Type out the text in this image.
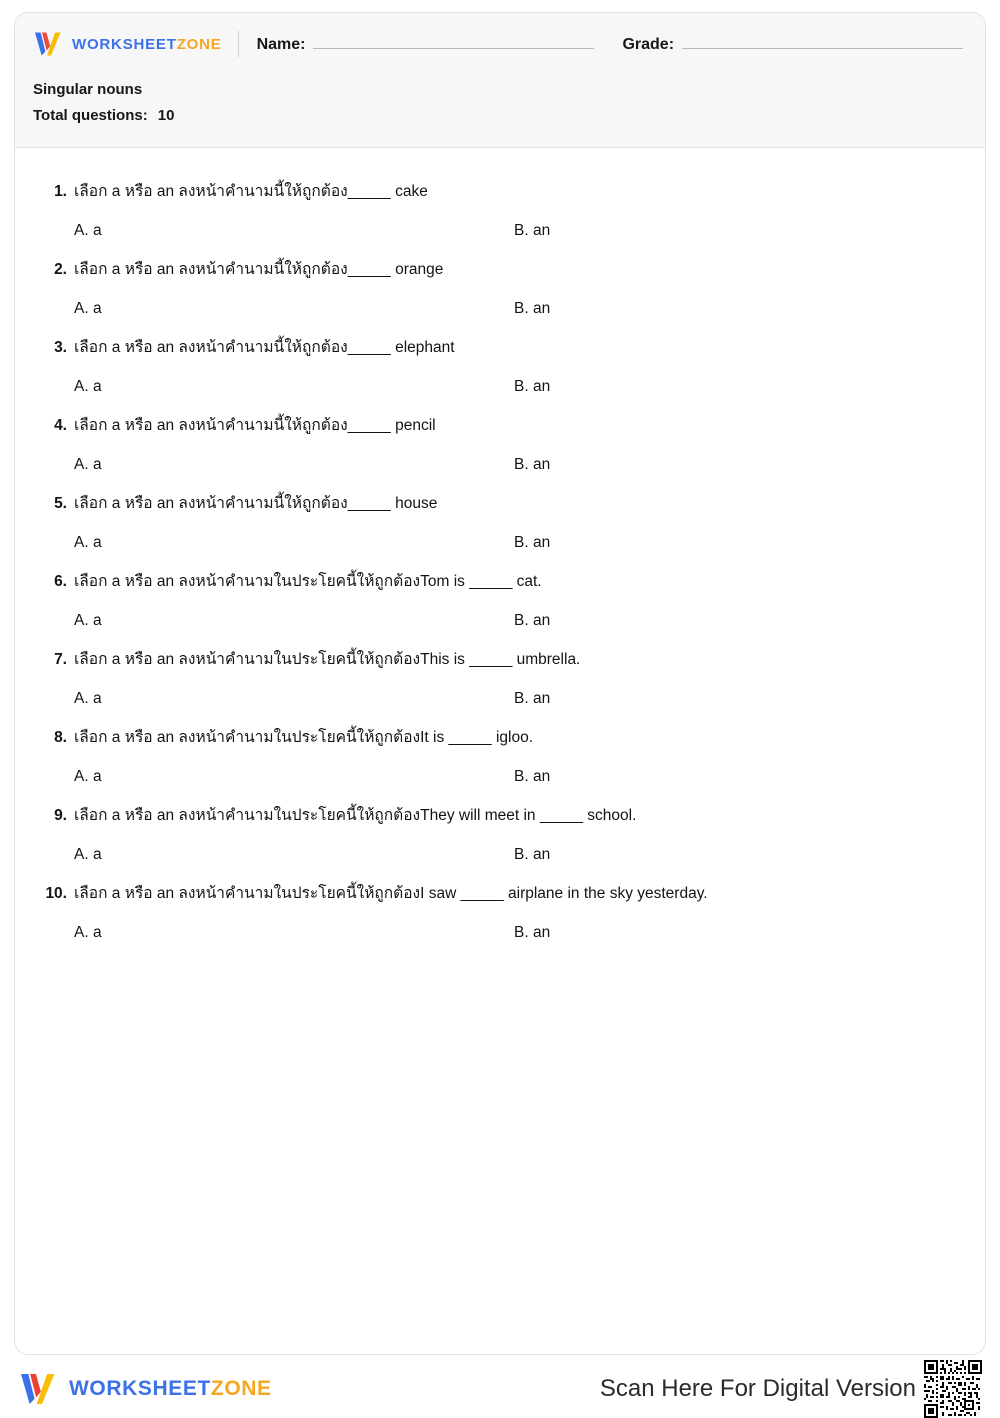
WORKSHEETZONE Name:	Grade:
Singular nouns
Total questions: 10
1. เลือก a หรือ an ลงหน้าคำนามนี้ให้ถูกต้อง_____ cake
A. a	B. an
2. เลือก a หรือ an ลงหน้าคำนามนี้ให้ถูกต้อง_____ orange
A. a	B. an
3. เลือก a หรือ an ลงหน้าคำนามนี้ให้ถูกต้อง_____ elephant
A. a	B. an
4. เลือก a หรือ an ลงหน้าคำนามนี้ให้ถูกต้อง_____ pencil
A. a	B. an
5. เลือก a หรือ an ลงหน้าคำนามนี้ให้ถูกต้อง_____ house
A. a	B. an
6. เลือก a หรือ an ลงหน้าคำนามในประโยคนี้ให้ถูกต้องTom is _____ cat.
A. a	B. an
7. เลือก a หรือ an ลงหน้าคำนามในประโยคนี้ให้ถูกต้องThis is _____ umbrella.
A. a	B. an
8. เลือก a หรือ an ลงหน้าคำนามในประโยคนี้ให้ถูกต้องIt is _____ igloo.
A. a	B. an
9. เลือก a หรือ an ลงหน้าคำนามในประโยคนี้ให้ถูกต้องThey will meet in _____ school.
A. a	B. an
10. เลือก a หรือ an ลงหน้าคำนามในประโยคนี้ให้ถูกต้องI saw _____ airplane in the sky yesterday.
A. a	B. an
WORKSHEETZONE	Scan Here For Digital Version
